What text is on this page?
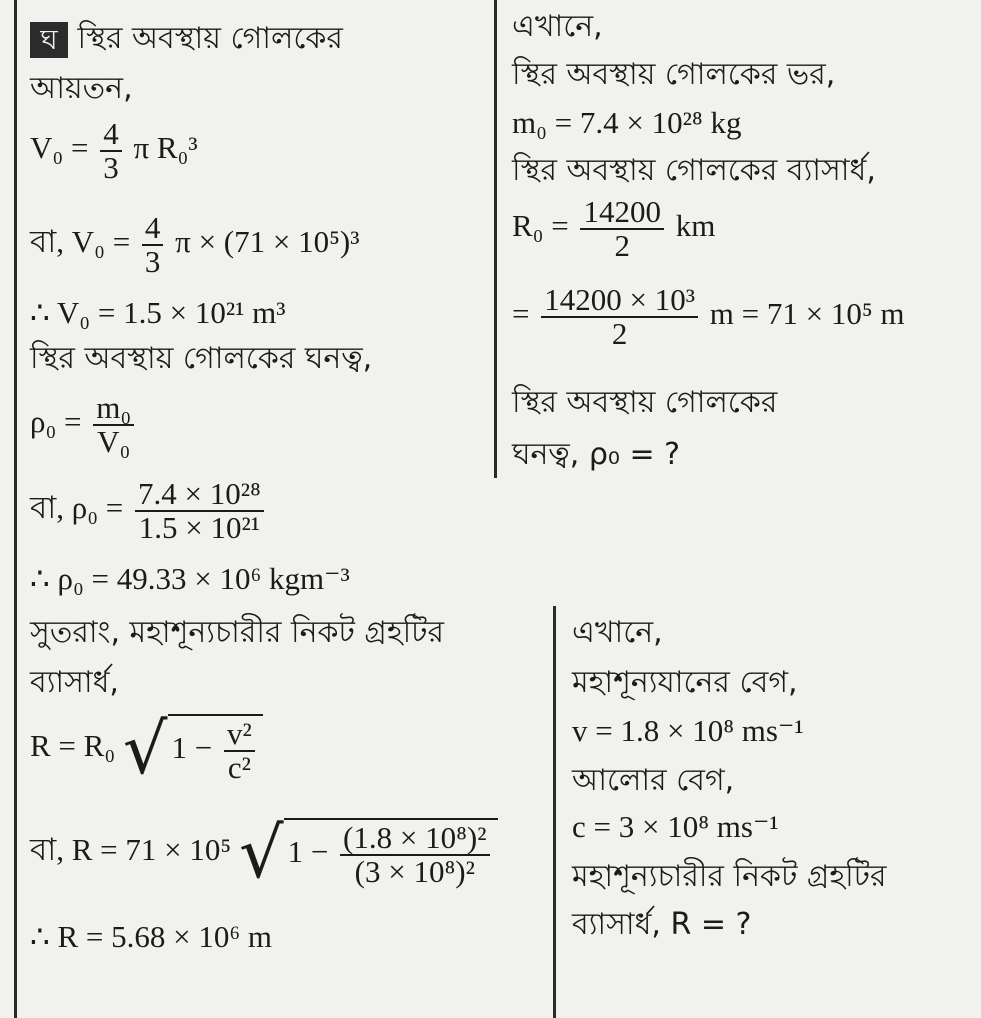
ঘ স্থির অবস্থায় গোলকের
আয়তন,
$V_0 = \frac{4}{3}$ π R₀³
বা, $V_0 = \frac{4}{3}$ π × (71 × 10⁵)³
∴ V₀ = 1.5 × 10²¹ m³
স্থির অবস্থায় গোলকের ঘনত্ব,
$\rho_0 = \frac{\text{m₀}}{\text{V₀}}$
বা, $\rho_0 = \frac{\text{7.4 × 10²⁸}}{\text{1.5 × 10²¹}}$
∴ ρ₀ = 49.33 × 10⁶ kgm⁻³
এখানে,
স্থির অবস্থায় গোলকের ভর,
m₀ = 7.4 × 10²⁸ kg
স্থির অবস্থায় গোলকের ব্যাসার্ধ,
$R_0 = \frac{14200}{2}$ km
= $\frac{\text{14200 × 10³}}{2}$ m = 71 × 10⁵ m
স্থির অবস্থায় গোলকের
ঘনত্ব, ρ₀ = ?
সুতরাং, মহাশূন্যচারীর নিকট গ্রহটির
ব্যাসার্ধ,
R = R₀ √ $1 - \frac{\text{v²}}{\text{c²}}$
বা, R = 71 × 10⁵ √ $1 - \frac{\text{(1.8 × 10⁸)²}}{\text{(3 × 10⁸)²}}$
∴ R = 5.68 × 10⁶ m
এখানে,
মহাশূন্যযানের বেগ,
v = 1.8 × 10⁸ ms⁻¹
আলোর বেগ,
c = 3 × 10⁸ ms⁻¹
মহাশূন্যচারীর নিকট গ্রহটির
ব্যাসার্ধ, R = ?
